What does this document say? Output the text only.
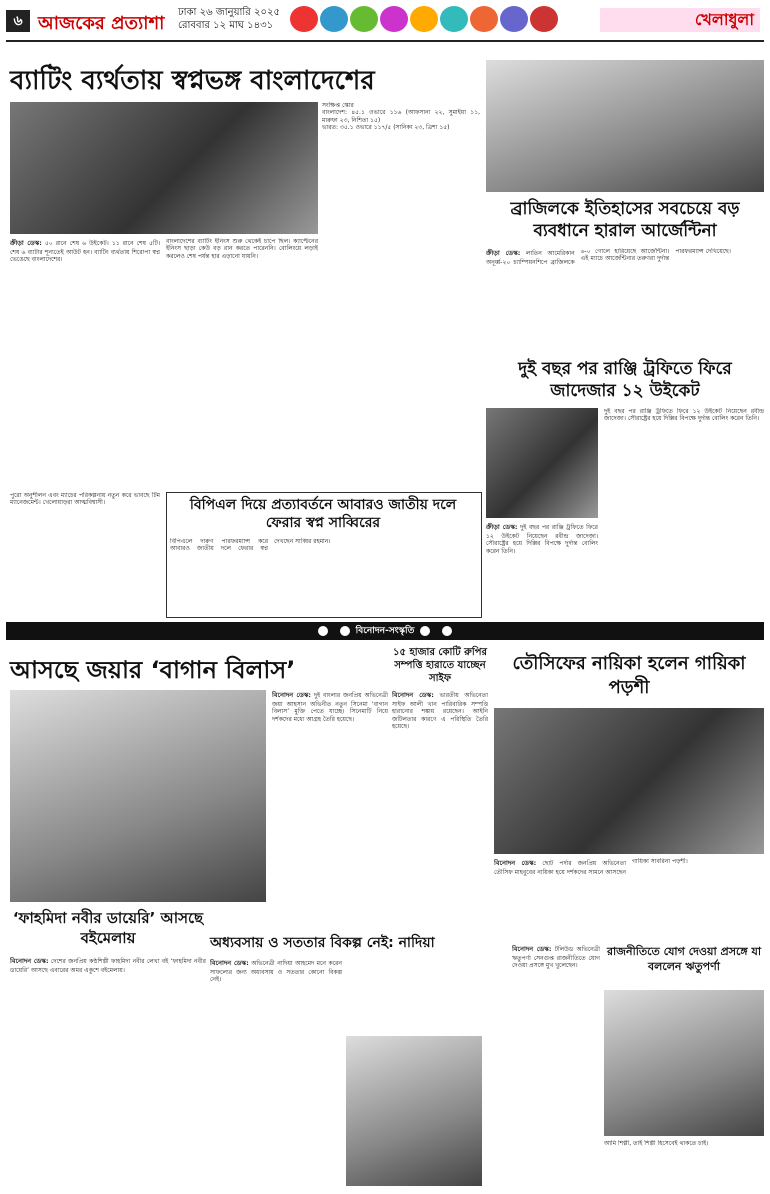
৬ আজকের প্রত্যাশা
ঢাকা ২৬ জানুয়ারি ২০২৫
রোববার ১২ মাঘ ১৪৩১	খেলাধুলা
ব্যাটিং ব্যর্থতায় স্বপ্নভঙ্গ বাংলাদেশের
ক্রীড়া ডেস্ক: ৫০ রানে শেষ ৬ উইকেট। ১১ রানে শেষ ৫টি। শেষ ৬ ব্যাটার শূন্যতেই আউট হন। ব্যাটিং ব্যর্থতায় শিরোপা স্বপ্ন ভেঙেছে বাংলাদেশের।
বাংলাদেশের ব্যাটিং ইনিংস শুরু থেকেই চাপে ছিল। ক্যাপ্টেনের ইনিংস ছাড়া কেউ বড় রান করতে পারেননি। বোলিংয়ে লড়াই করলেও শেষ পর্যন্ত হার এড়ানো যায়নি।
সংক্ষিপ্ত স্কোর
বাংলাদেশ: ৪৫.১ ওভারে ১১৬ (আফসানা ২২, সুমাইয়া ১১, মারুফা ২৩, নিশিতা ১৫)
ভারত: ৩৫.১ ওভারে ১১৭/৫ (সানিকা ২৩, ত্রিশা ১৫)
ব্রাজিলকে ইতিহাসের সবচেয়ে বড় ব্যবধানে হারাল আর্জেন্টিনা
ক্রীড়া ডেস্ক: লাতিন আমেরিকান অনূর্ধ্ব-২০ চ্যাম্পিয়নশিপে ব্রাজিলকে ৬-০ গোলে হারিয়েছে আর্জেন্টিনা। এই ম্যাচে আর্জেন্টিনার তরুণরা দুর্দান্ত পারফরম্যান্স দেখিয়েছে।
দুই বছর পর রাঞ্জি ট্রফিতে ফিরে জাদেজার ১২ উইকেট
ক্রীড়া ডেস্ক: দুই বছর পর রাঞ্জি ট্রফিতে ফিরে ১২ উইকেট নিয়েছেন রবীন্দ্র জাদেজা। সৌরাষ্ট্রের হয়ে দিল্লির বিপক্ষে দুর্দান্ত বোলিং করেন তিনি।
দুই বছর পর রাঞ্জি ট্রফিতে ফিরে ১২ উইকেট নিয়েছেন রবীন্দ্র জাদেজা। সৌরাষ্ট্রের হয়ে দিল্লির বিপক্ষে দুর্দান্ত বোলিং করেন তিনি।
বিপিএল দিয়ে প্রত্যাবর্তনে আবারও জাতীয় দলে ফেরার স্বপ্ন সাব্বিরের
বিপিএলে দারুণ পারফরম্যান্স করে আবারও জাতীয় দলে ফেরার স্বপ্ন দেখছেন সাব্বির রহমান।
পুরো অনুশীলন এবং ম্যাচের পরিকল্পনায় নতুন করে ভাবছে টিম ম্যানেজমেন্ট। খেলোয়াড়রা আত্মবিশ্বাসী।
বিনোদন-সংস্কৃতি
আসছে জয়ার ‘বাগান বিলাস’
বিনোদন ডেস্ক: দুই বাংলার জনপ্রিয় অভিনেত্রী জয়া আহসান অভিনীত নতুন সিনেমা ‘বাগান বিলাস’ মুক্তি পেতে যাচ্ছে। সিনেমাটি নিয়ে দর্শকদের মধ্যে আগ্রহ তৈরি হয়েছে।
১৫ হাজার কোটি রুপির সম্পত্তি হারাতে যাচ্ছেন সাইফ
বিনোদন ডেস্ক: ভারতীয় অভিনেতা সাইফ আলী খান পারিবারিক সম্পত্তি হারানোর শঙ্কায় রয়েছেন। আইনি জটিলতার কারণে এ পরিস্থিতি তৈরি হয়েছে।
তৌসিফের নায়িকা হলেন গায়িকা পড়শী
বিনোদন ডেস্ক: ছোট পর্দার জনপ্রিয় অভিনেতা তৌসিফ মাহবুবের নায়িকা হয়ে দর্শকদের সামনে আসছেন গায়িকা সাবরিনা পড়শী।
‘ফাহমিদা নবীর ডায়েরি’ আসছে বইমেলায়
বিনোদন ডেস্ক: দেশের জনপ্রিয় কণ্ঠশিল্পী ফাহমিদা নবীর লেখা বই ‘ফাহমিদা নবীর ডায়েরি’ আসছে এবারের অমর একুশে বইমেলায়।
অধ্যবসায় ও সততার বিকল্প নেই: নাদিয়া
বিনোদন ডেস্ক: অভিনেত্রী নাদিয়া আহমেদ মনে করেন সাফল্যের জন্য অধ্যবসায় ও সততার কোনো বিকল্প নেই।
বিনোদন ডেস্ক: টলিউড অভিনেত্রী ঋতুপর্ণা সেনগুপ্ত রাজনীতিতে যোগ দেওয়া প্রসঙ্গে মুখ খুলেছেন।
রাজনীতিতে যোগ দেওয়া প্রসঙ্গে যা বললেন ঋতুপর্ণা
আমি শিল্পী, তাই শিল্পী হিসেবেই থাকতে চাই।
